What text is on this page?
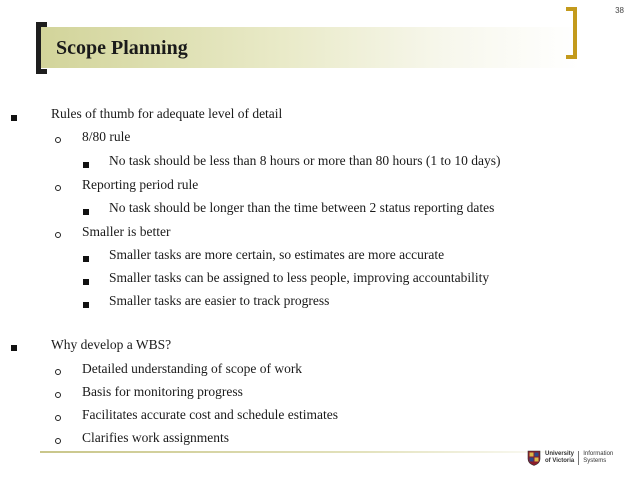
38
Scope Planning
Rules of thumb for adequate level of detail
8/80 rule
No task should be less than 8 hours or more than 80 hours (1 to 10 days)
Reporting period rule
No task should be longer than the time between 2 status reporting dates
Smaller is better
Smaller tasks are more certain, so estimates are more accurate
Smaller tasks can be assigned to less people, improving accountability
Smaller tasks are easier to track progress
Why develop a WBS?
Detailed understanding of scope of work
Basis for monitoring progress
Facilitates accurate cost and schedule estimates
Clarifies work assignments
University
of Victoria
Information
Systems
